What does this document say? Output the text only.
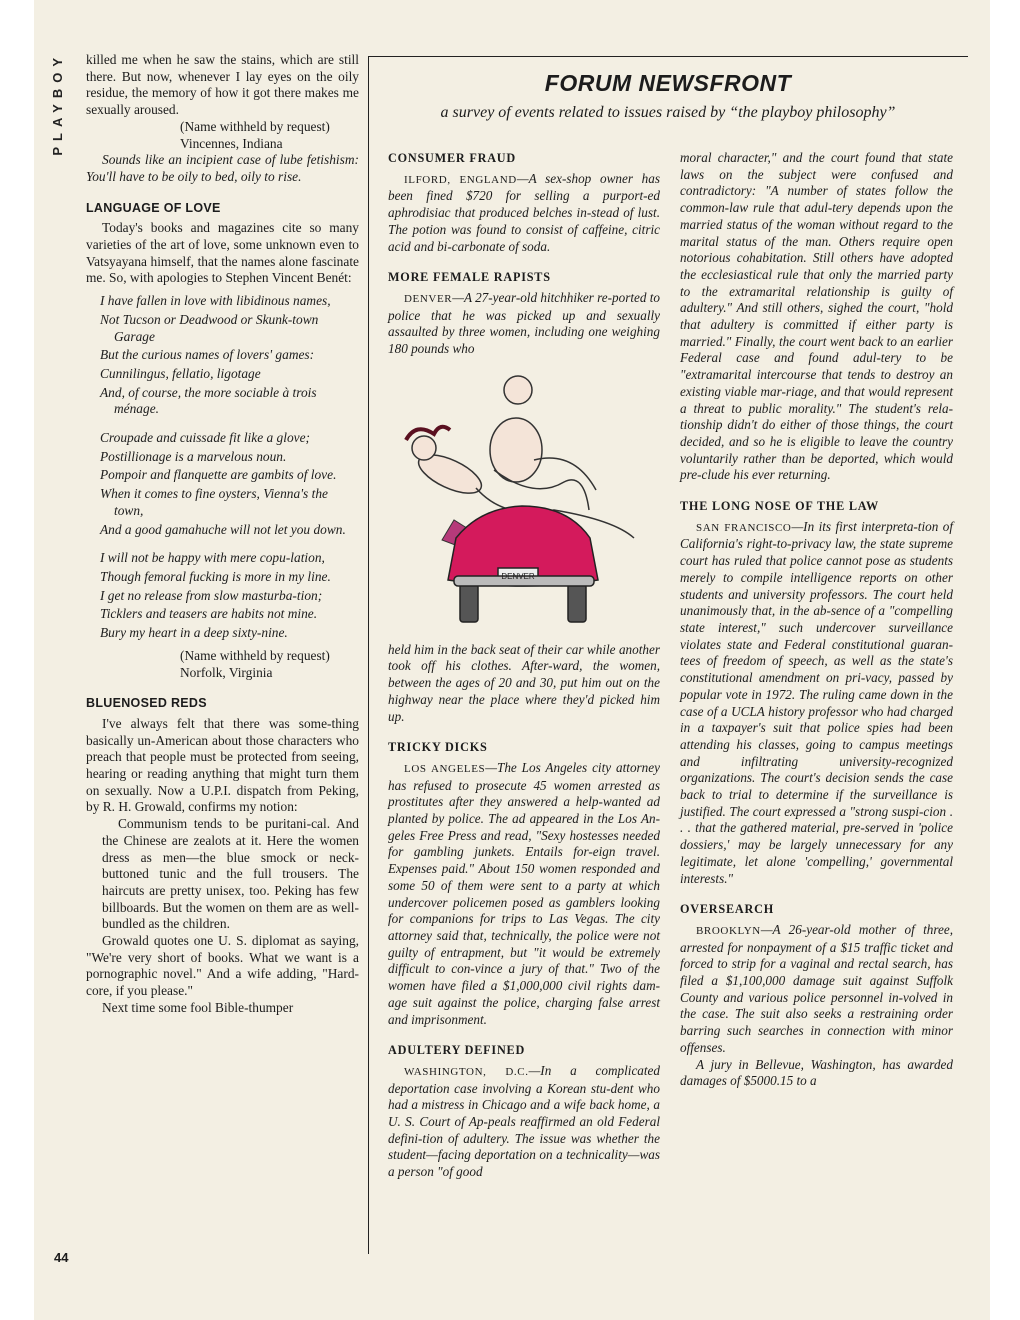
PLAYBOY
44

killed me when he saw the stains, which are still there. But now, whenever I lay eyes on the oily residue, the memory of how it got there makes me sexually aroused.

(Name withheld by request)

Vincennes, Indiana

Sounds like an incipient case of lube fetishism: You'll have to be oily to bed, oily to rise.

LANGUAGE OF LOVE

Today's books and magazines cite so many varieties of the art of love, some unknown even to Vatsyayana himself, that the names alone fascinate me. So, with apologies to Stephen Vincent Benét:

I have fallen in love with libidinous names,
Not Tucson or Deadwood or Skunk-town Garage
But the curious names of lovers' games:
Cunnilingus, fellatio, ligotage
And, of course, the more sociable à trois ménage.
Croupade and cuissade fit like a glove;
Postillionage is a marvelous noun.
Pompoir and flanquette are gambits of love.
When it comes to fine oysters, Vienna's the town,
And a good gamahuche will not let you down.
I will not be happy with mere copu-lation,
Though femoral fucking is more in my line.
I get no release from slow masturba-tion;
Ticklers and teasers are habits not mine.
Bury my heart in a deep sixty-nine.

(Name withheld by request)

Norfolk, Virginia

BLUENOSED REDS

I've always felt that there was some-thing basically un-American about those characters who preach that people must be protected from seeing, hearing or reading anything that might turn them on sexually. Now a U.P.I. dispatch from Peking, by R. H. Growald, confirms my notion:

Communism tends to be puritani-cal. And the Chinese are zealots at it. Here the women dress as men—the blue smock or neck-buttoned tunic and the full trousers. The haircuts are pretty unisex, too. Peking has few billboards. But the women on them are as well-bundled as the children.

Growald quotes one U. S. diplomat as saying, "We're very short of books. What we want is a pornographic novel." And a wife adding, "Hard-core, if you please."

Next time some fool Bible-thumper

FORUM NEWSFRONT
a survey of events related to issues raised by “the playboy philosophy”
CONSUMER FRAUD

ILFORD, ENGLAND—A sex-shop owner has been fined $720 for selling a purport-ed aphrodisiac that produced belches in-stead of lust. The potion was found to consist of caffeine, citric acid and bi-carbonate of soda.

MORE FEMALE RAPISTS

DENVER—A 27-year-old hitchhiker re-ported to police that he was picked up and sexually assaulted by three women, including one weighing 180 pounds who

held him in the back seat of their car while another took off his clothes. After-ward, the women, between the ages of 20 and 30, put him out on the highway near the place where they'd picked him up.

TRICKY DICKS

LOS ANGELES—The Los Angeles city attorney has refused to prosecute 45 women arrested as prostitutes after they answered a help-wanted ad planted by police. The ad appeared in the Los An-geles Free Press and read, "Sexy hostesses needed for gambling junkets. Entails for-eign travel. Expenses paid." About 150 women responded and some 50 of them were sent to a party at which undercover policemen posed as gamblers looking for companions for trips to Las Vegas. The city attorney said that, technically, the police were not guilty of entrapment, but "it would be extremely difficult to con-vince a jury of that." Two of the women have filed a $1,000,000 civil rights dam-age suit against the police, charging false arrest and imprisonment.

ADULTERY DEFINED

WASHINGTON, D.C.—In a complicated deportation case involving a Korean stu-dent who had a mistress in Chicago and a wife back home, a U. S. Court of Ap-peals reaffirmed an old Federal defini-tion of adultery. The issue was whether the student—facing deportation on a technicality—was a person "of good

moral character," and the court found that state laws on the subject were confused and contradictory: "A number of states follow the common-law rule that adul-tery depends upon the married status of the woman without regard to the marital status of the man. Others require open notorious cohabitation. Still others have adopted the ecclesiastical rule that only the married party to the extramarital relationship is guilty of adultery." And still others, sighed the court, "hold that adultery is committed if either party is married." Finally, the court went back to an earlier Federal case and found adul-tery to be "extramarital intercourse that tends to destroy an existing viable mar-riage, and that would represent a threat to public morality." The student's rela-tionship didn't do either of those things, the court decided, and so he is eligible to leave the country voluntarily rather than be deported, which would pre-clude his ever returning.

THE LONG NOSE OF THE LAW

SAN FRANCISCO—In its first interpreta-tion of California's right-to-privacy law, the state supreme court has ruled that police cannot pose as students merely to compile intelligence reports on other students and university professors. The court held unanimously that, in the ab-sence of a "compelling state interest," such undercover surveillance violates state and Federal constitutional guaran-tees of freedom of speech, as well as the state's constitutional amendment on pri-vacy, passed by popular vote in 1972. The ruling came down in the case of a UCLA history professor who had charged in a taxpayer's suit that police spies had been attending his classes, going to campus meetings and infiltrating university-recognized organizations. The court's decision sends the case back to trial to determine if the surveillance is justified. The court expressed a "strong suspi-cion . . . that the gathered material, pre-served in 'police dossiers,' may be largely unnecessary for any legitimate, let alone 'compelling,' governmental interests."

OVERSEARCH

BROOKLYN—A 26-year-old mother of three, arrested for nonpayment of a $15 traffic ticket and forced to strip for a vaginal and rectal search, has filed a $1,100,000 damage suit against Suffolk County and various police personnel in-volved in the case. The suit also seeks a restraining order barring such searches in connection with minor offenses.

A jury in Bellevue, Washington, has awarded damages of $5000.15 to a

DENVER
